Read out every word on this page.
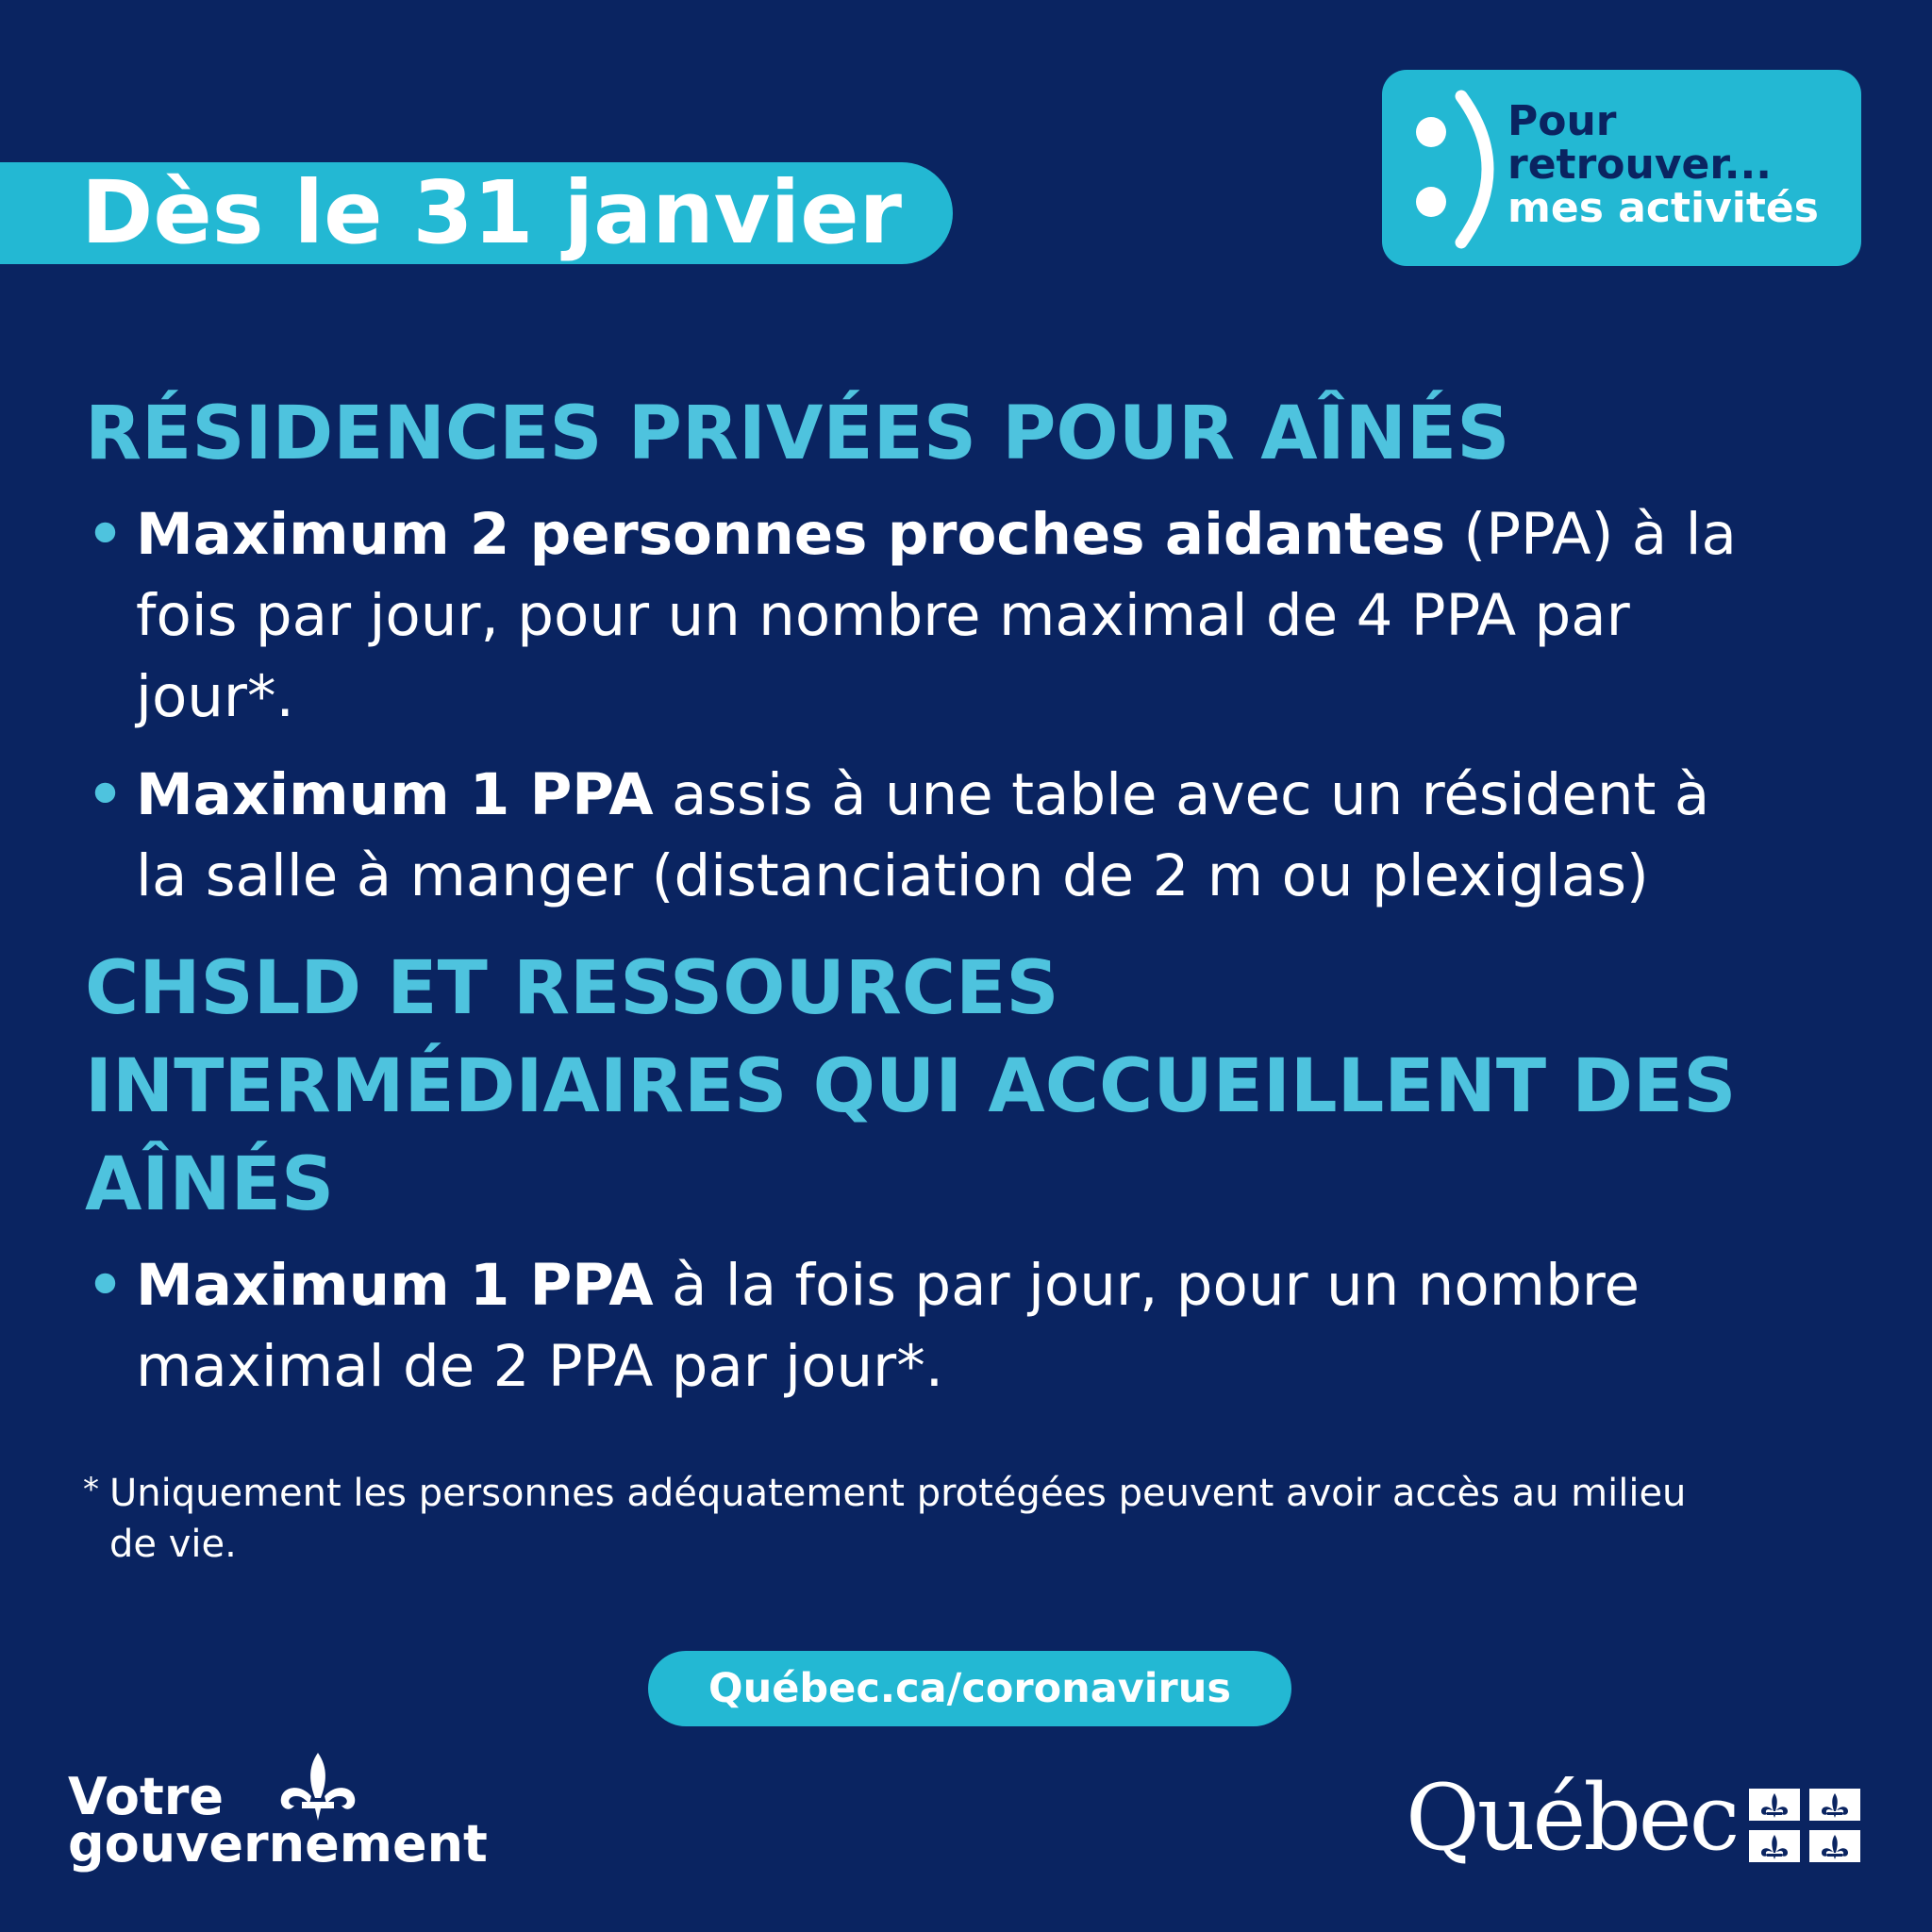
Dès le 31 janvier
Pour
retrouver...
mes activités
RÉSIDENCES PRIVÉES POUR AÎNÉS
• Maximum 2 personnes proches aidantes (PPA) à la
fois par jour, pour un nombre maximal de 4 PPA par
jour*.
• Maximum 1 PPA assis à une table avec un résident à
la salle à manger (distanciation de 2 m ou plexiglas)
CHSLD ET RESSOURCES
INTERMÉDIAIRES QUI ACCUEILLENT DES
AÎNÉS
• Maximum 1 PPA à la fois par jour, pour un nombre
maximal de 2 PPA par jour*.
* Uniquement les personnes adéquatement protégées peuvent avoir accès au milieu
de vie.
Québec.ca/coronavirus
Votre
gouvernement	Québec
